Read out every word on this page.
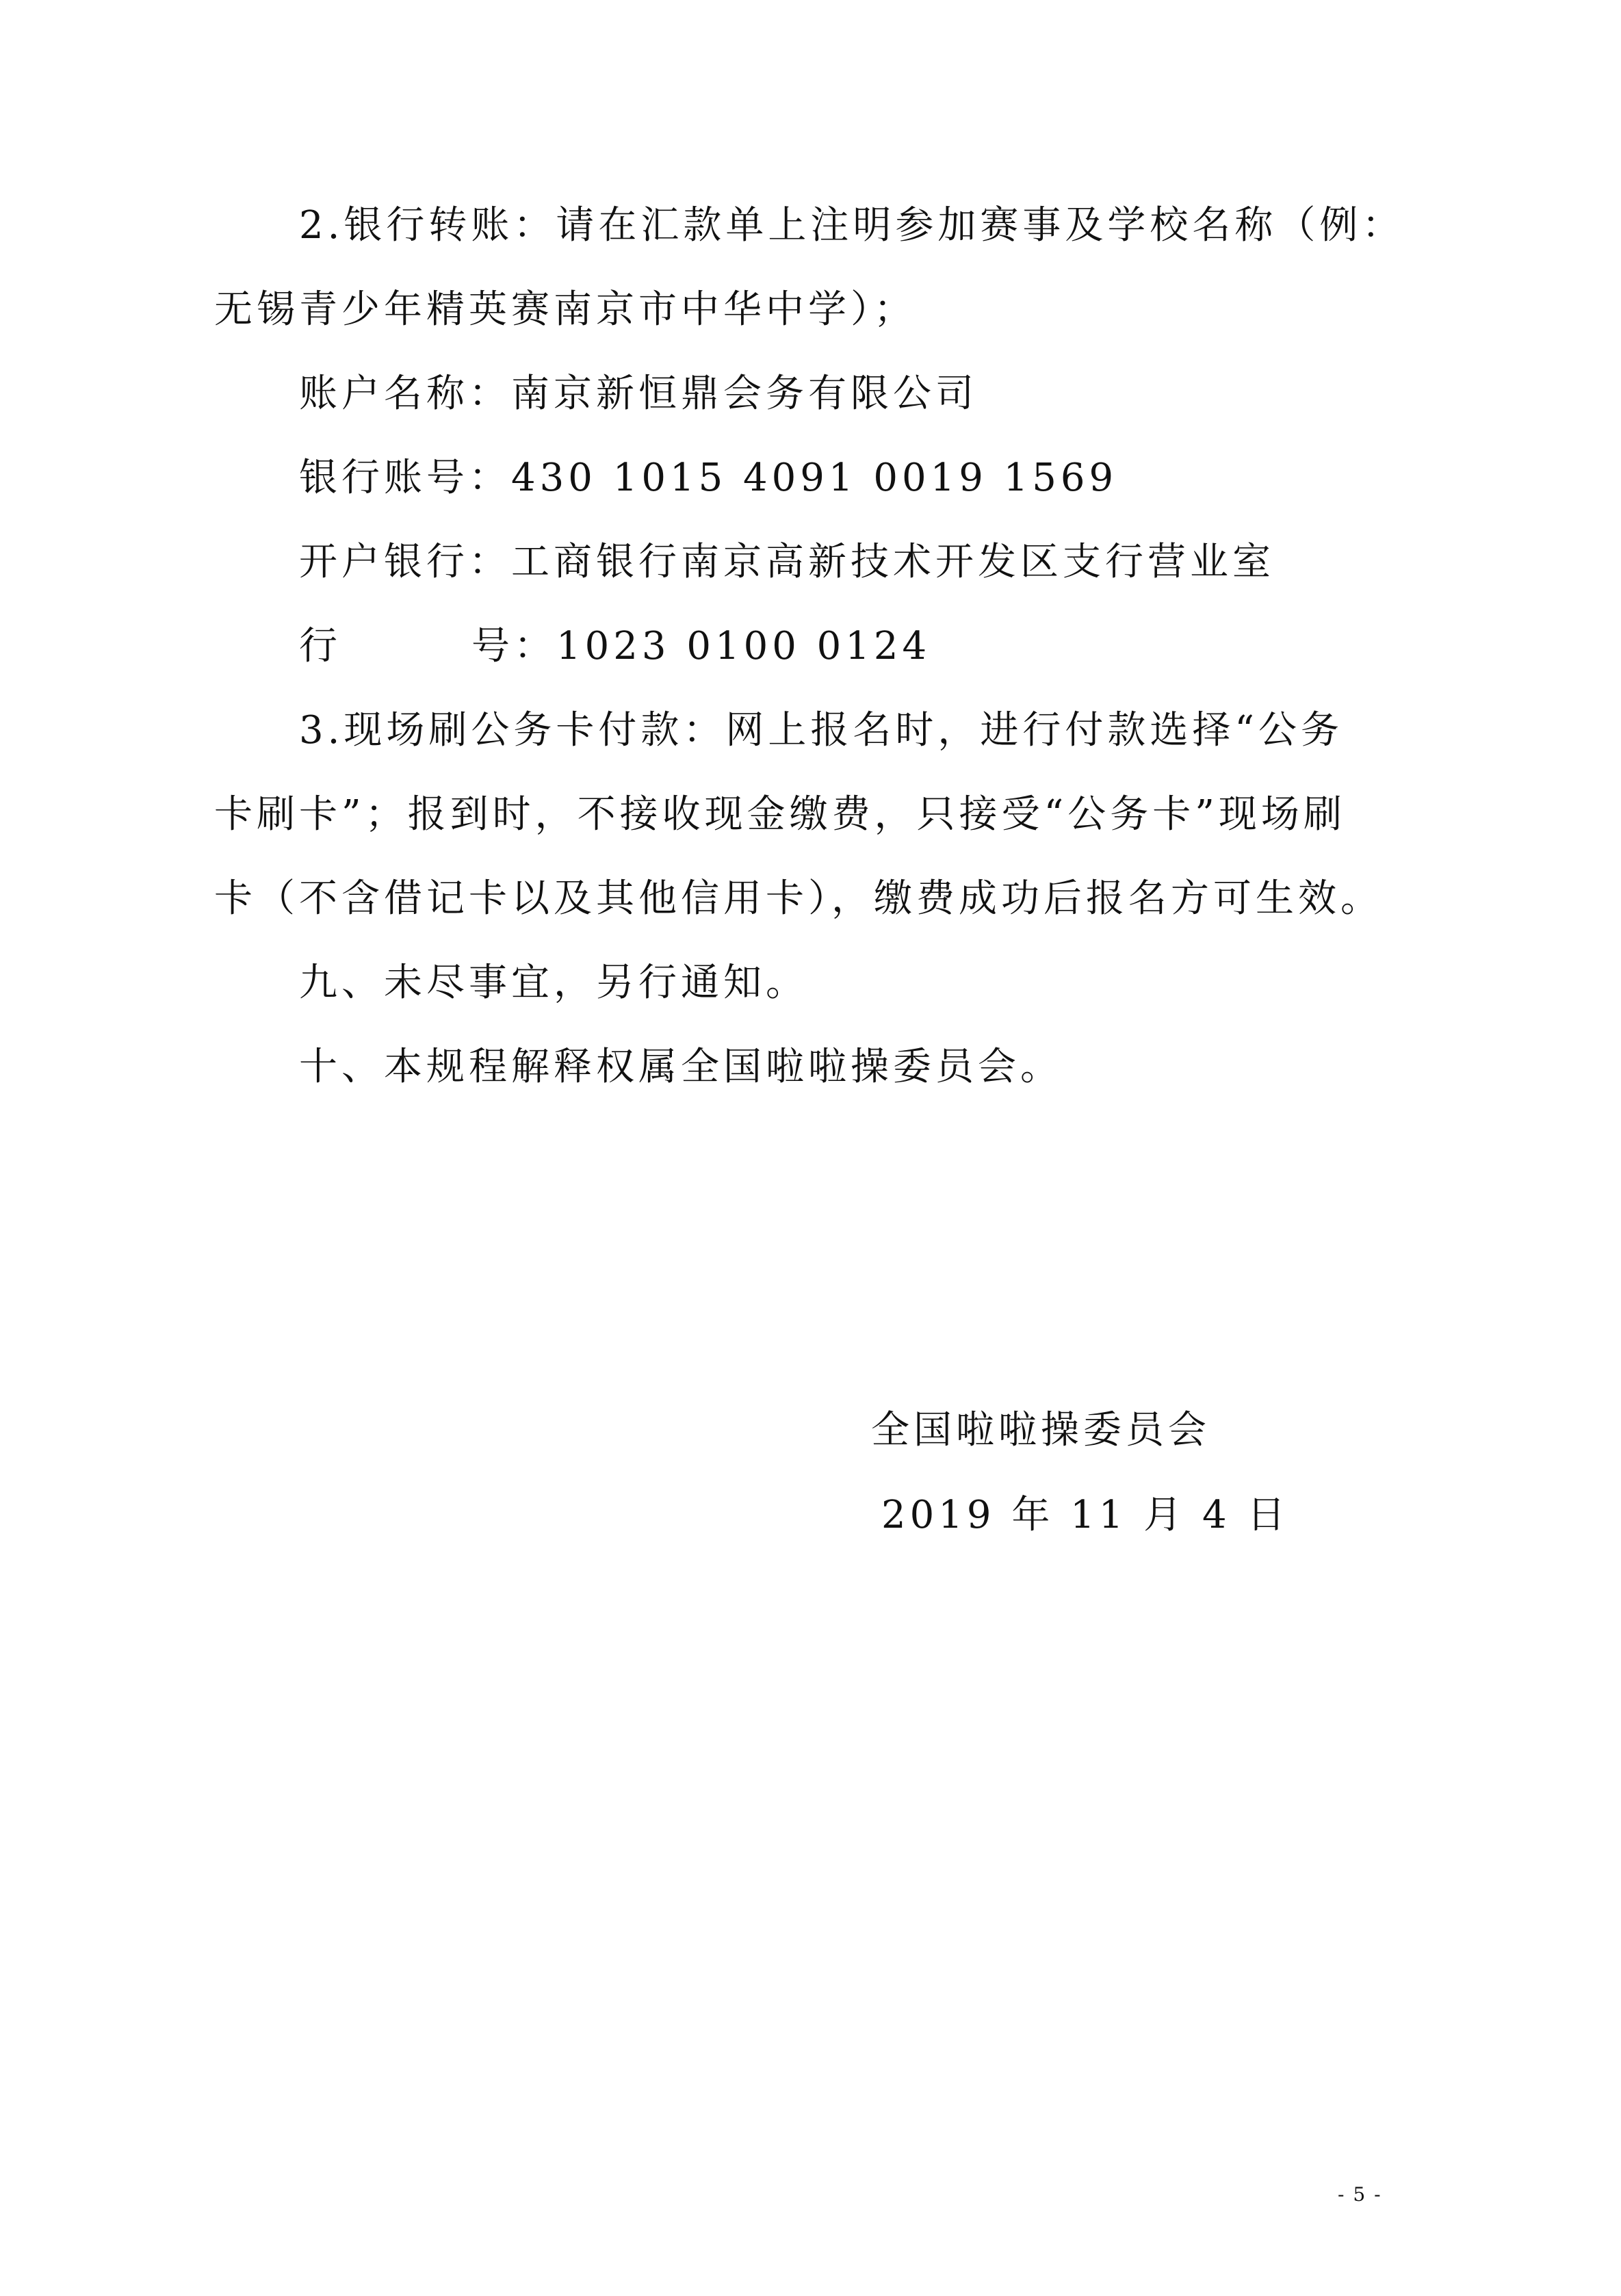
2.银行转账：请在汇款单上注明参加赛事及学校名称（例：
无锡青少年精英赛南京市中华中学）；
账户名称：南京新恒鼎会务有限公司
银行账号：430 1015 4091 0019 1569
开户银行：工商银行南京高新技术开发区支行营业室
行	号：1023 0100 0124
3.现场刷公务卡付款：网上报名时，进行付款选择“公务
卡刷卡”；报到时，不接收现金缴费，只接受“公务卡”现场刷
卡（不含借记卡以及其他信用卡），缴费成功后报名方可生效。
九、未尽事宜，另行通知。
十、本规程解释权属全国啦啦操委员会。
全国啦啦操委员会
2019 年 11 月 4 日
- 5 -
